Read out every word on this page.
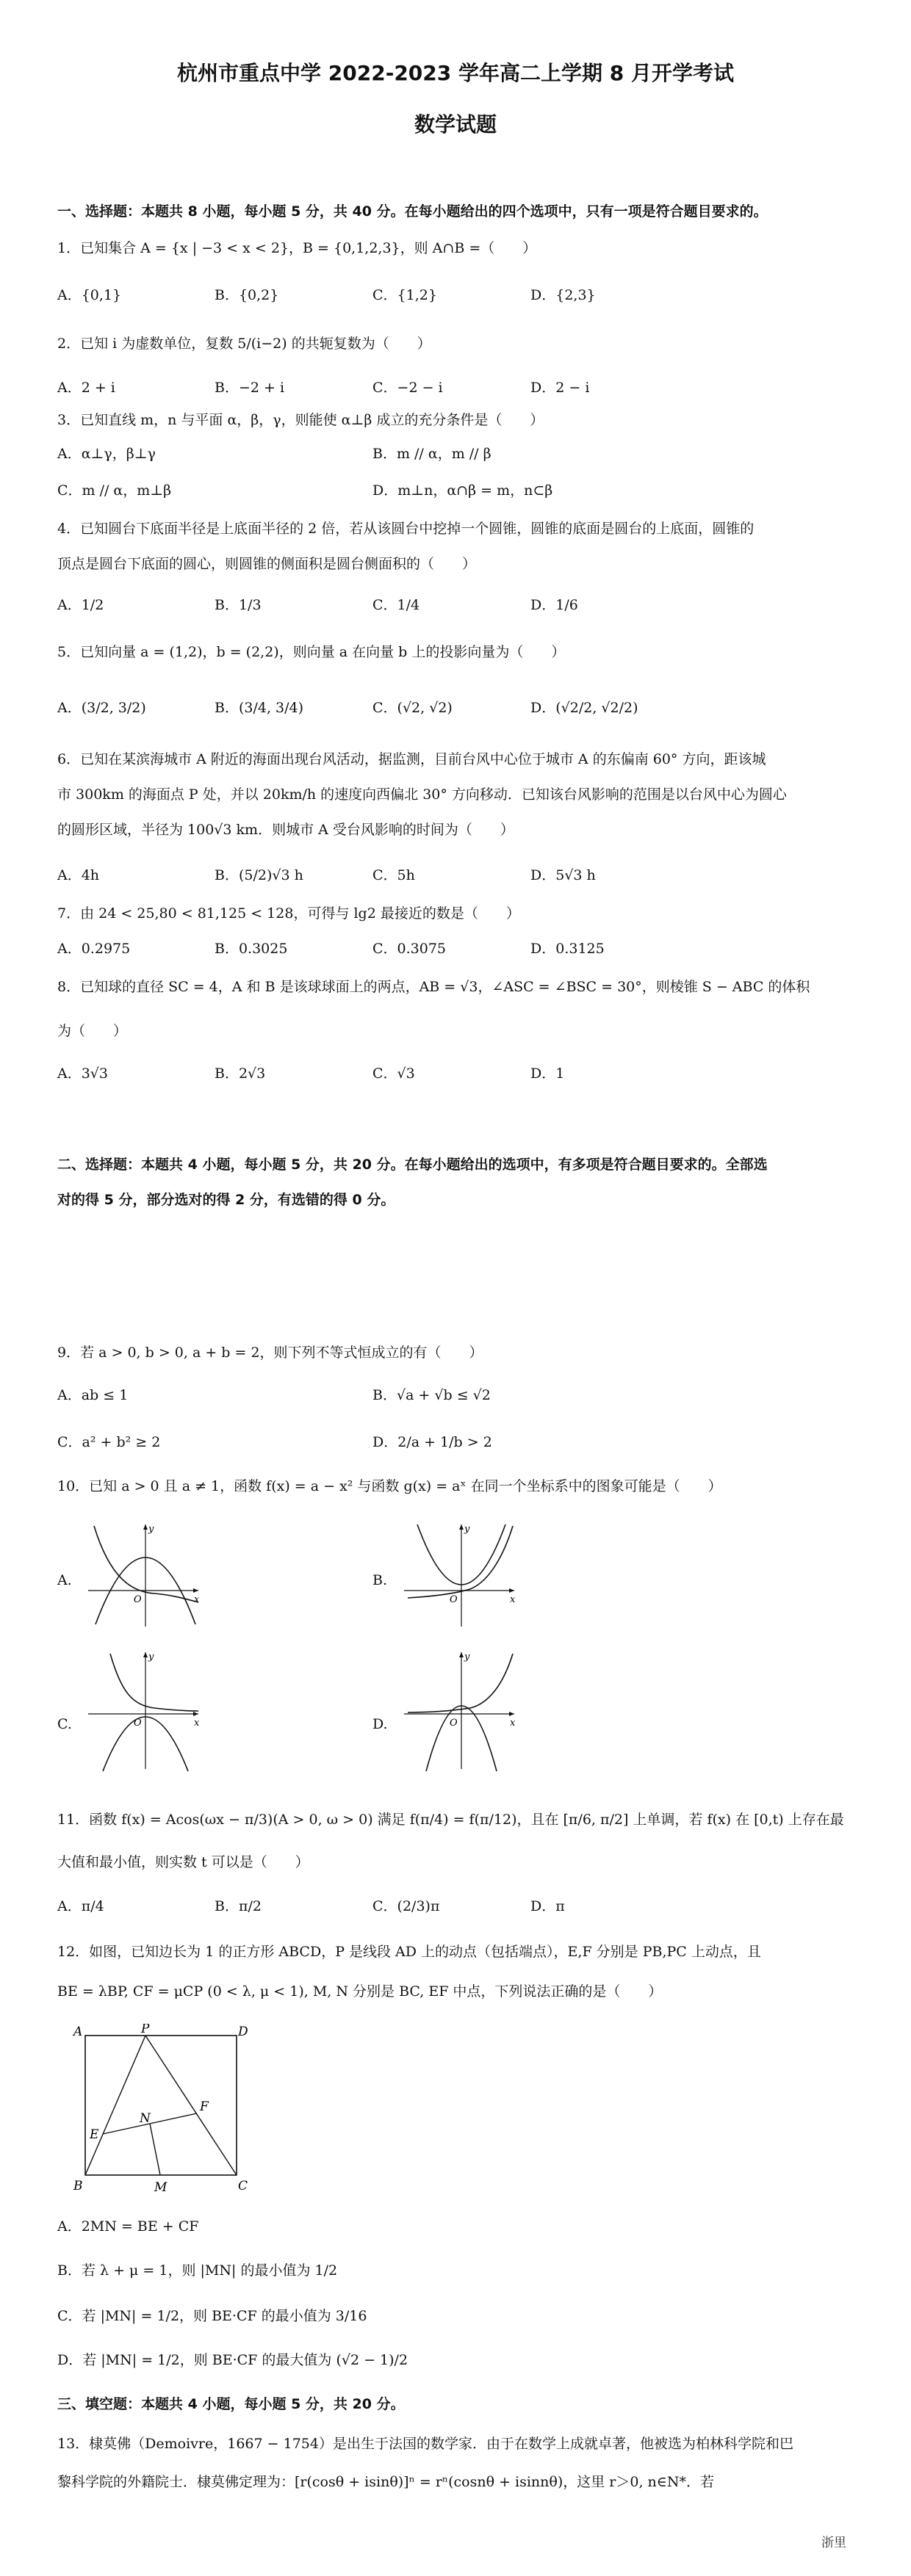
杭州市重点中学 2022-2023 学年高二上学期 8 月开学考试
数学试题
一、选择题：本题共 8 小题，每小题 5 分，共 40 分。在每小题给出的四个选项中，只有一项是符合题目要求的。
1．已知集合 A = {x | −3 < x < 2}，B = {0,1,2,3}，则 A∩B =（　　）
A．{0,1}	B．{0,2}	C．{1,2}	D．{2,3}
2．已知 i 为虚数单位，复数 5/(i−2) 的共轭复数为（　　）
A．2 + i	B．−2 + i	C．−2 − i	D．2 − i
3．已知直线 m，n 与平面 α，β，γ，则能使 α⊥β 成立的充分条件是（　　）
A．α⊥γ，β⊥γ	B．m // α，m // β
C．m // α，m⊥β	D．m⊥n，α∩β = m，n⊂β
4．已知圆台下底面半径是上底面半径的 2 倍，若从该圆台中挖掉一个圆锥，圆锥的底面是圆台的上底面，圆锥的
顶点是圆台下底面的圆心，则圆锥的侧面积是圆台侧面积的（　　）
A．1/2	B．1/3	C．1/4	D．1/6
5．已知向量 a = (1,2)，b = (2,2)，则向量 a 在向量 b 上的投影向量为（　　）
A．(3/2, 3/2)	B．(3/4, 3/4)	C．(√2, √2)	D．(√2/2, √2/2)
6．已知在某滨海城市 A 附近的海面出现台风活动，据监测，目前台风中心位于城市 A 的东偏南 60° 方向，距该城
市 300km 的海面点 P 处，并以 20km/h 的速度向西偏北 30° 方向移动．已知该台风影响的范围是以台风中心为圆心
的圆形区域，半径为 100√3 km．则城市 A 受台风影响的时间为（　　）
A．4h	B．(5/2)√3 h	C．5h	D．5√3 h
7．由 24 < 25,80 < 81,125 < 128，可得与 lg2 最接近的数是（　　）
A．0.2975	B．0.3025	C．0.3075	D．0.3125
8．已知球的直径 SC = 4，A 和 B 是该球球面上的两点，AB = √3，∠ASC = ∠BSC = 30°，则棱锥 S − ABC 的体积
为（　　）
A．3√3	B．2√3	C．√3	D．1
二、选择题：本题共 4 小题，每小题 5 分，共 20 分。在每小题给出的选项中，有多项是符合题目要求的。全部选
对的得 5 分，部分选对的得 2 分，有选错的得 0 分。
9．若 a > 0, b > 0, a + b = 2，则下列不等式恒成立的有（　　）
A．ab ≤ 1	B．√a + √b ≤ √2
C．a² + b² ≥ 2	D．2/a + 1/b > 2
10．已知 a > 0 且 a ≠ 1，函数 f(x) = a − x² 与函数 g(x) = aˣ 在同一个坐标系中的图象可能是（　　）
A.
y
x
O
B.
y
x
O
C.
y
x
O	D.
y
x
O
11．函数 f(x) = Acos(ωx − π/3)(A > 0, ω > 0) 满足 f(π/4) = f(π/12)，且在 [π/6, π/2] 上单调，若 f(x) 在 [0,t) 上存在最
大值和最小值，则实数 t 可以是（　　）
A．π/4	B．π/2	C．(2/3)π	D．π
12．如图，已知边长为 1 的正方形 ABCD，P 是线段 AD 上的动点（包括端点），E,F 分别是 PB,PC 上动点，且
BE = λBP, CF = μCP (0 < λ, μ < 1), M, N 分别是 BC, EF 中点，下列说法正确的是（　　）
A	P	D
N
F
E
B	M	C
A．2MN = BE + CF
B．若 λ + μ = 1，则 |MN| 的最小值为 1/2
C．若 |MN| = 1/2，则 BE·CF 的最小值为 3/16
D．若 |MN| = 1/2，则 BE·CF 的最大值为 (√2 − 1)/2
三、填空题：本题共 4 小题，每小题 5 分，共 20 分。
13．棣莫佛（Demoivre，1667 − 1754）是出生于法国的数学家．由于在数学上成就卓著，他被选为柏林科学院和巴
黎科学院的外籍院士．棣莫佛定理为：[r(cosθ + isinθ)]ⁿ = rⁿ(cosnθ + isinnθ)，这里 r＞0, n∈N*．若
浙里
